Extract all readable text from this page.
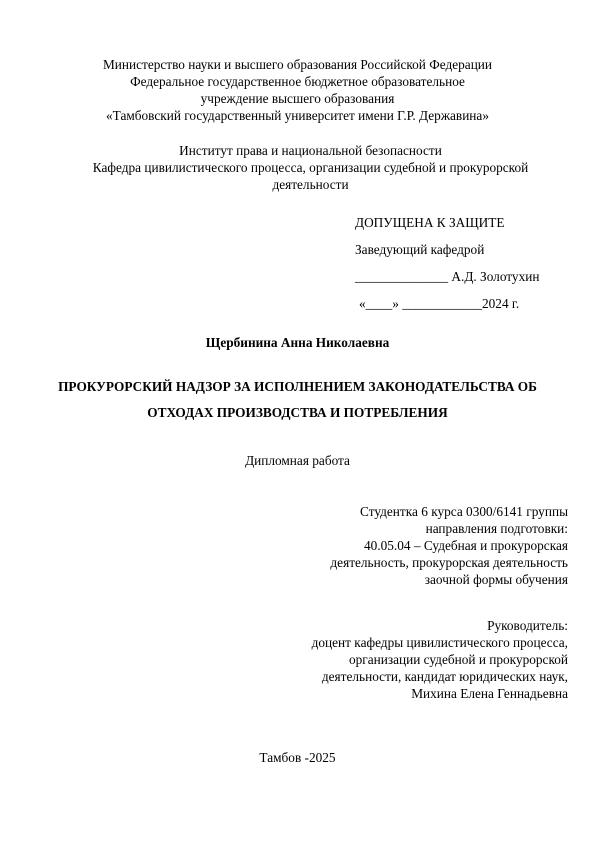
Министерство науки и высшего образования Российской Федерации
Федеральное государственное бюджетное образовательное
учреждение высшего образования
«Тамбовский государственный университет имени Г.Р. Державина»
Институт права и национальной безопасности
Кафедра цивилистического процесса, организации судебной и прокурорской деятельности
ДОПУЩЕНА К ЗАЩИТЕ
Заведующий кафедрой
______________ А.Д. Золотухин
«____» ____________2024 г.
Щербинина Анна Николаевна
ПРОКУРОРСКИЙ НАДЗОР ЗА ИСПОЛНЕНИЕМ ЗАКОНОДАТЕЛЬСТВА ОБ ОТХОДАХ ПРОИЗВОДСТВА И ПОТРЕБЛЕНИЯ
Дипломная работа
Студентка 6 курса 0300/6141 группы
направления подготовки:
40.05.04 – Судебная и прокурорская
деятельность, прокурорская деятельность
заочной формы обучения
Руководитель:
доцент кафедры цивилистического процесса,
организации судебной и прокурорской
деятельности, кандидат юридических наук,
Михина Елена Геннадьевна
Тамбов -2025
